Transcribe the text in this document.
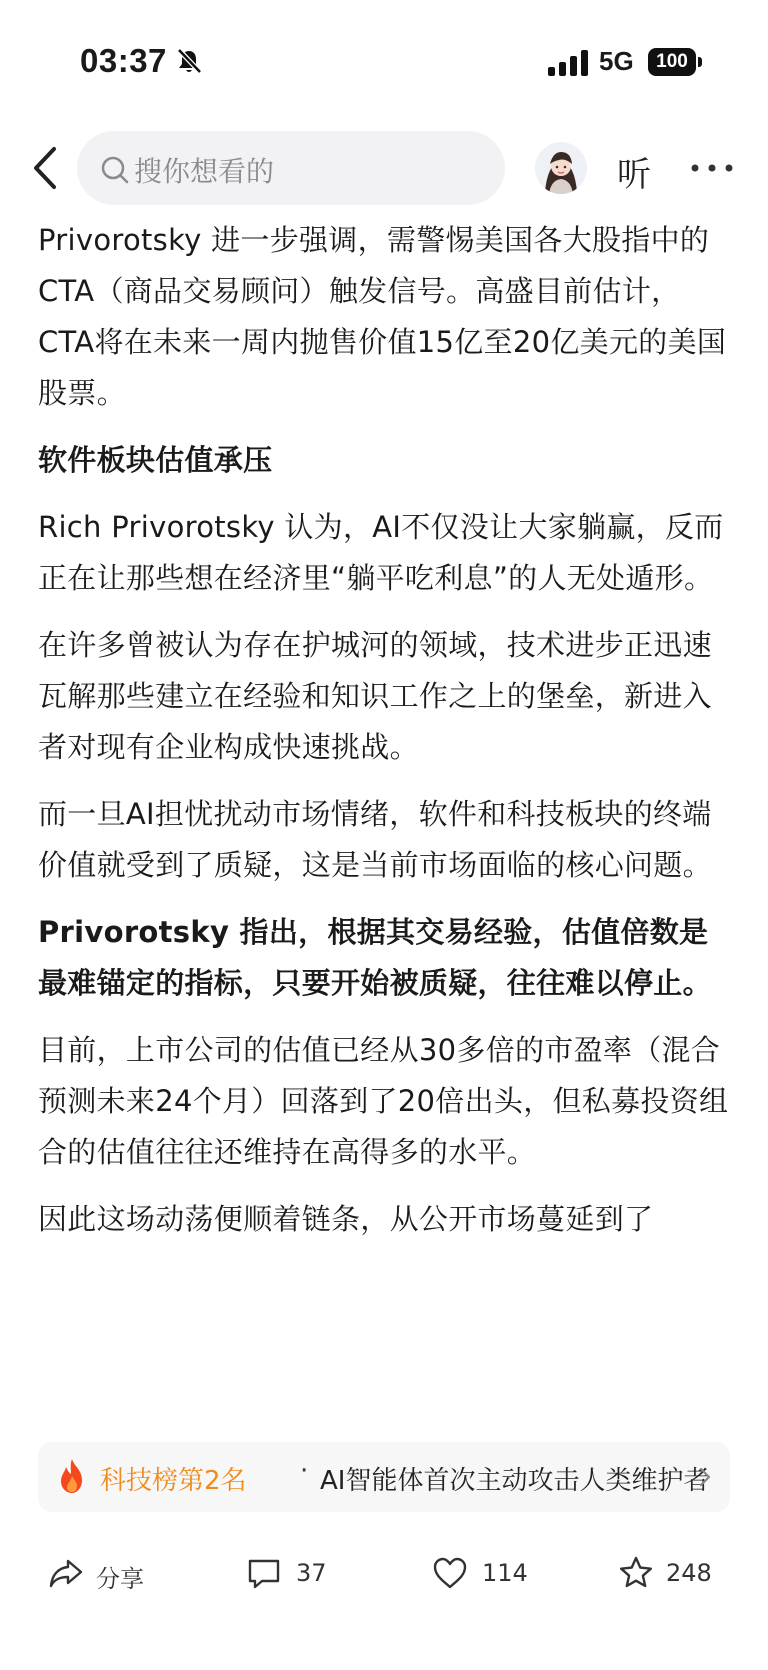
03:37	5G	100
搜你想看的	听

Privorotsky 进一步强调，需警惕美国各大股指中的CTA（商品交易顾问）触发信号。高盛目前估计，CTA将在未来一周内抛售价值15亿至20亿美元的美国股票。

软件板块估值承压

Rich Privorotsky 认为，AI不仅没让大家躺赢，反而正在让那些想在经济里“躺平吃利息”的人无处遁形。

在许多曾被认为存在护城河的领域，技术进步正迅速瓦解那些建立在经验和知识工作之上的堡垒，新进入者对现有企业构成快速挑战。

而一旦AI担忧扰动市场情绪，软件和科技板块的终端价值就受到了质疑，这是当前市场面临的核心问题。

Privorotsky 指出，根据其交易经验，估值倍数是最难锚定的指标，只要开始被质疑，往往难以停止。

目前，上市公司的估值已经从30多倍的市盈率（混合预测未来24个月）回落到了20倍出头，但私募投资组合的估值往往还维持在高得多的水平。

因此这场动荡便顺着链条，从公开市场蔓延到了

科技榜第2名 · AI智能体首次主动攻击人类维护者
分享	37	114	248
